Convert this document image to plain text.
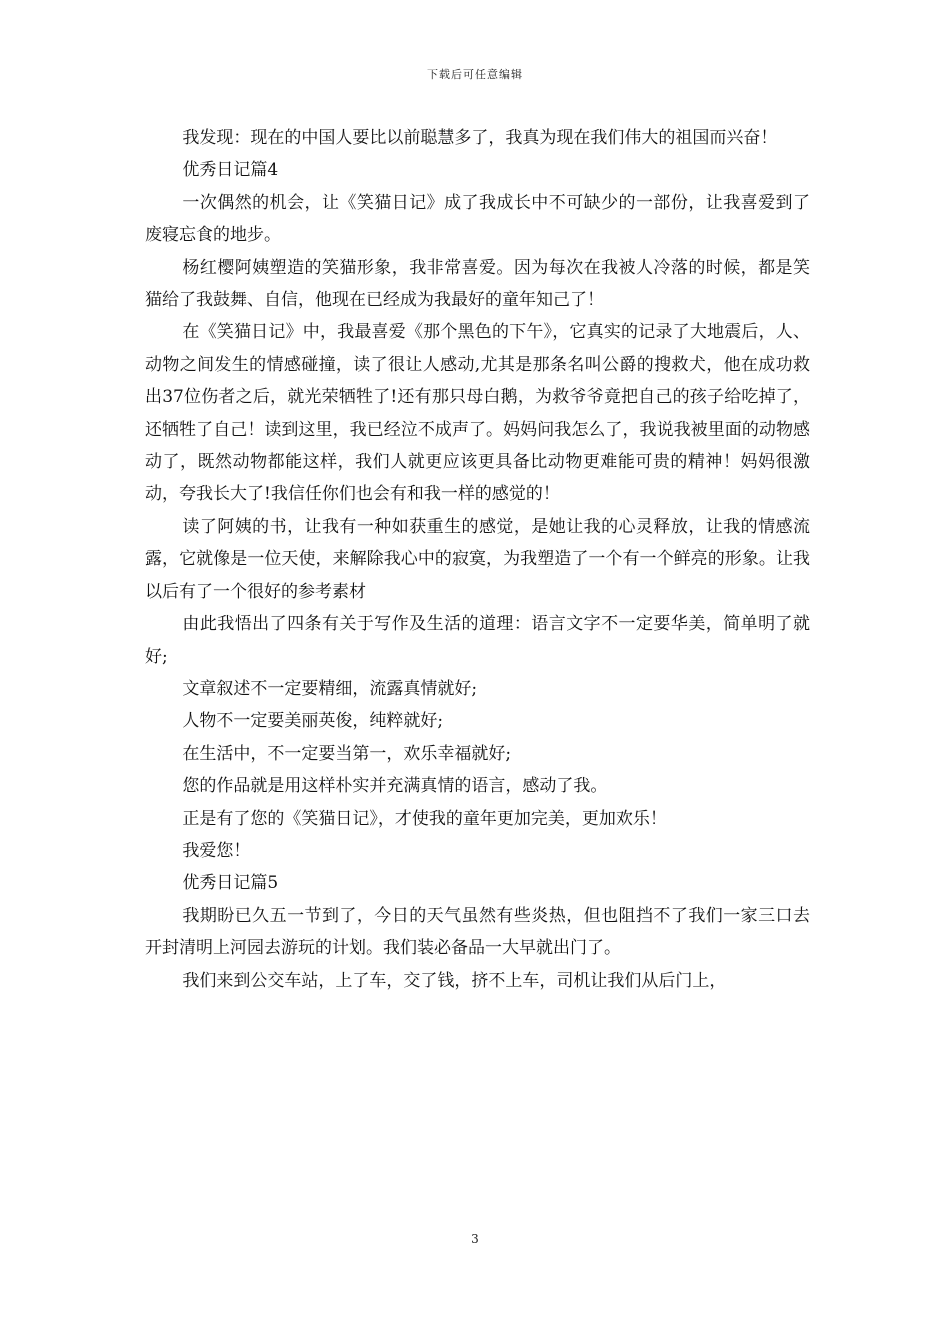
下载后可任意编辑

我发现：现在的中国人要比以前聪慧多了，我真为现在我们伟大的祖国而兴奋！

优秀日记篇4

一次偶然的机会，让《笑猫日记》成了我成长中不可缺少的一部份，让我喜爱到了废寝忘食的地步。

杨红樱阿姨塑造的笑猫形象，我非常喜爱。因为每次在我被人冷落的时候，都是笑猫给了我鼓舞、自信，他现在已经成为我最好的童年知己了！

在《笑猫日记》中，我最喜爱《那个黑色的下午》，它真实的记录了大地震后，人、动物之间发生的情感碰撞，读了很让人感动,尤其是那条名叫公爵的搜救犬，他在成功救出37位伤者之后，就光荣牺牲了!还有那只母白鹅，为救爷爷竟把自己的孩子给吃掉了，还牺牲了自己！读到这里，我已经泣不成声了。妈妈问我怎么了，我说我被里面的动物感动了，既然动物都能这样，我们人就更应该更具备比动物更难能可贵的精神！妈妈很激动，夸我长大了!我信任你们也会有和我一样的感觉的！

读了阿姨的书，让我有一种如获重生的感觉，是她让我的心灵释放，让我的情感流露，它就像是一位天使，来解除我心中的寂寞，为我塑造了一个有一个鲜亮的形象。让我以后有了一个很好的参考素材

由此我悟出了四条有关于写作及生活的道理：语言文字不一定要华美，简单明了就好;

文章叙述不一定要精细，流露真情就好;

人物不一定要美丽英俊，纯粹就好;

在生活中，不一定要当第一，欢乐幸福就好;

您的作品就是用这样朴实并充满真情的语言，感动了我。

正是有了您的《笑猫日记》，才使我的童年更加完美，更加欢乐！

我爱您！

优秀日记篇5

我期盼已久五一节到了，今日的天气虽然有些炎热，但也阻挡不了我们一家三口去开封清明上河园去游玩的计划。我们装必备品一大早就出门了。

我们来到公交车站，上了车，交了钱，挤不上车，司机让我们从后门上，

3
